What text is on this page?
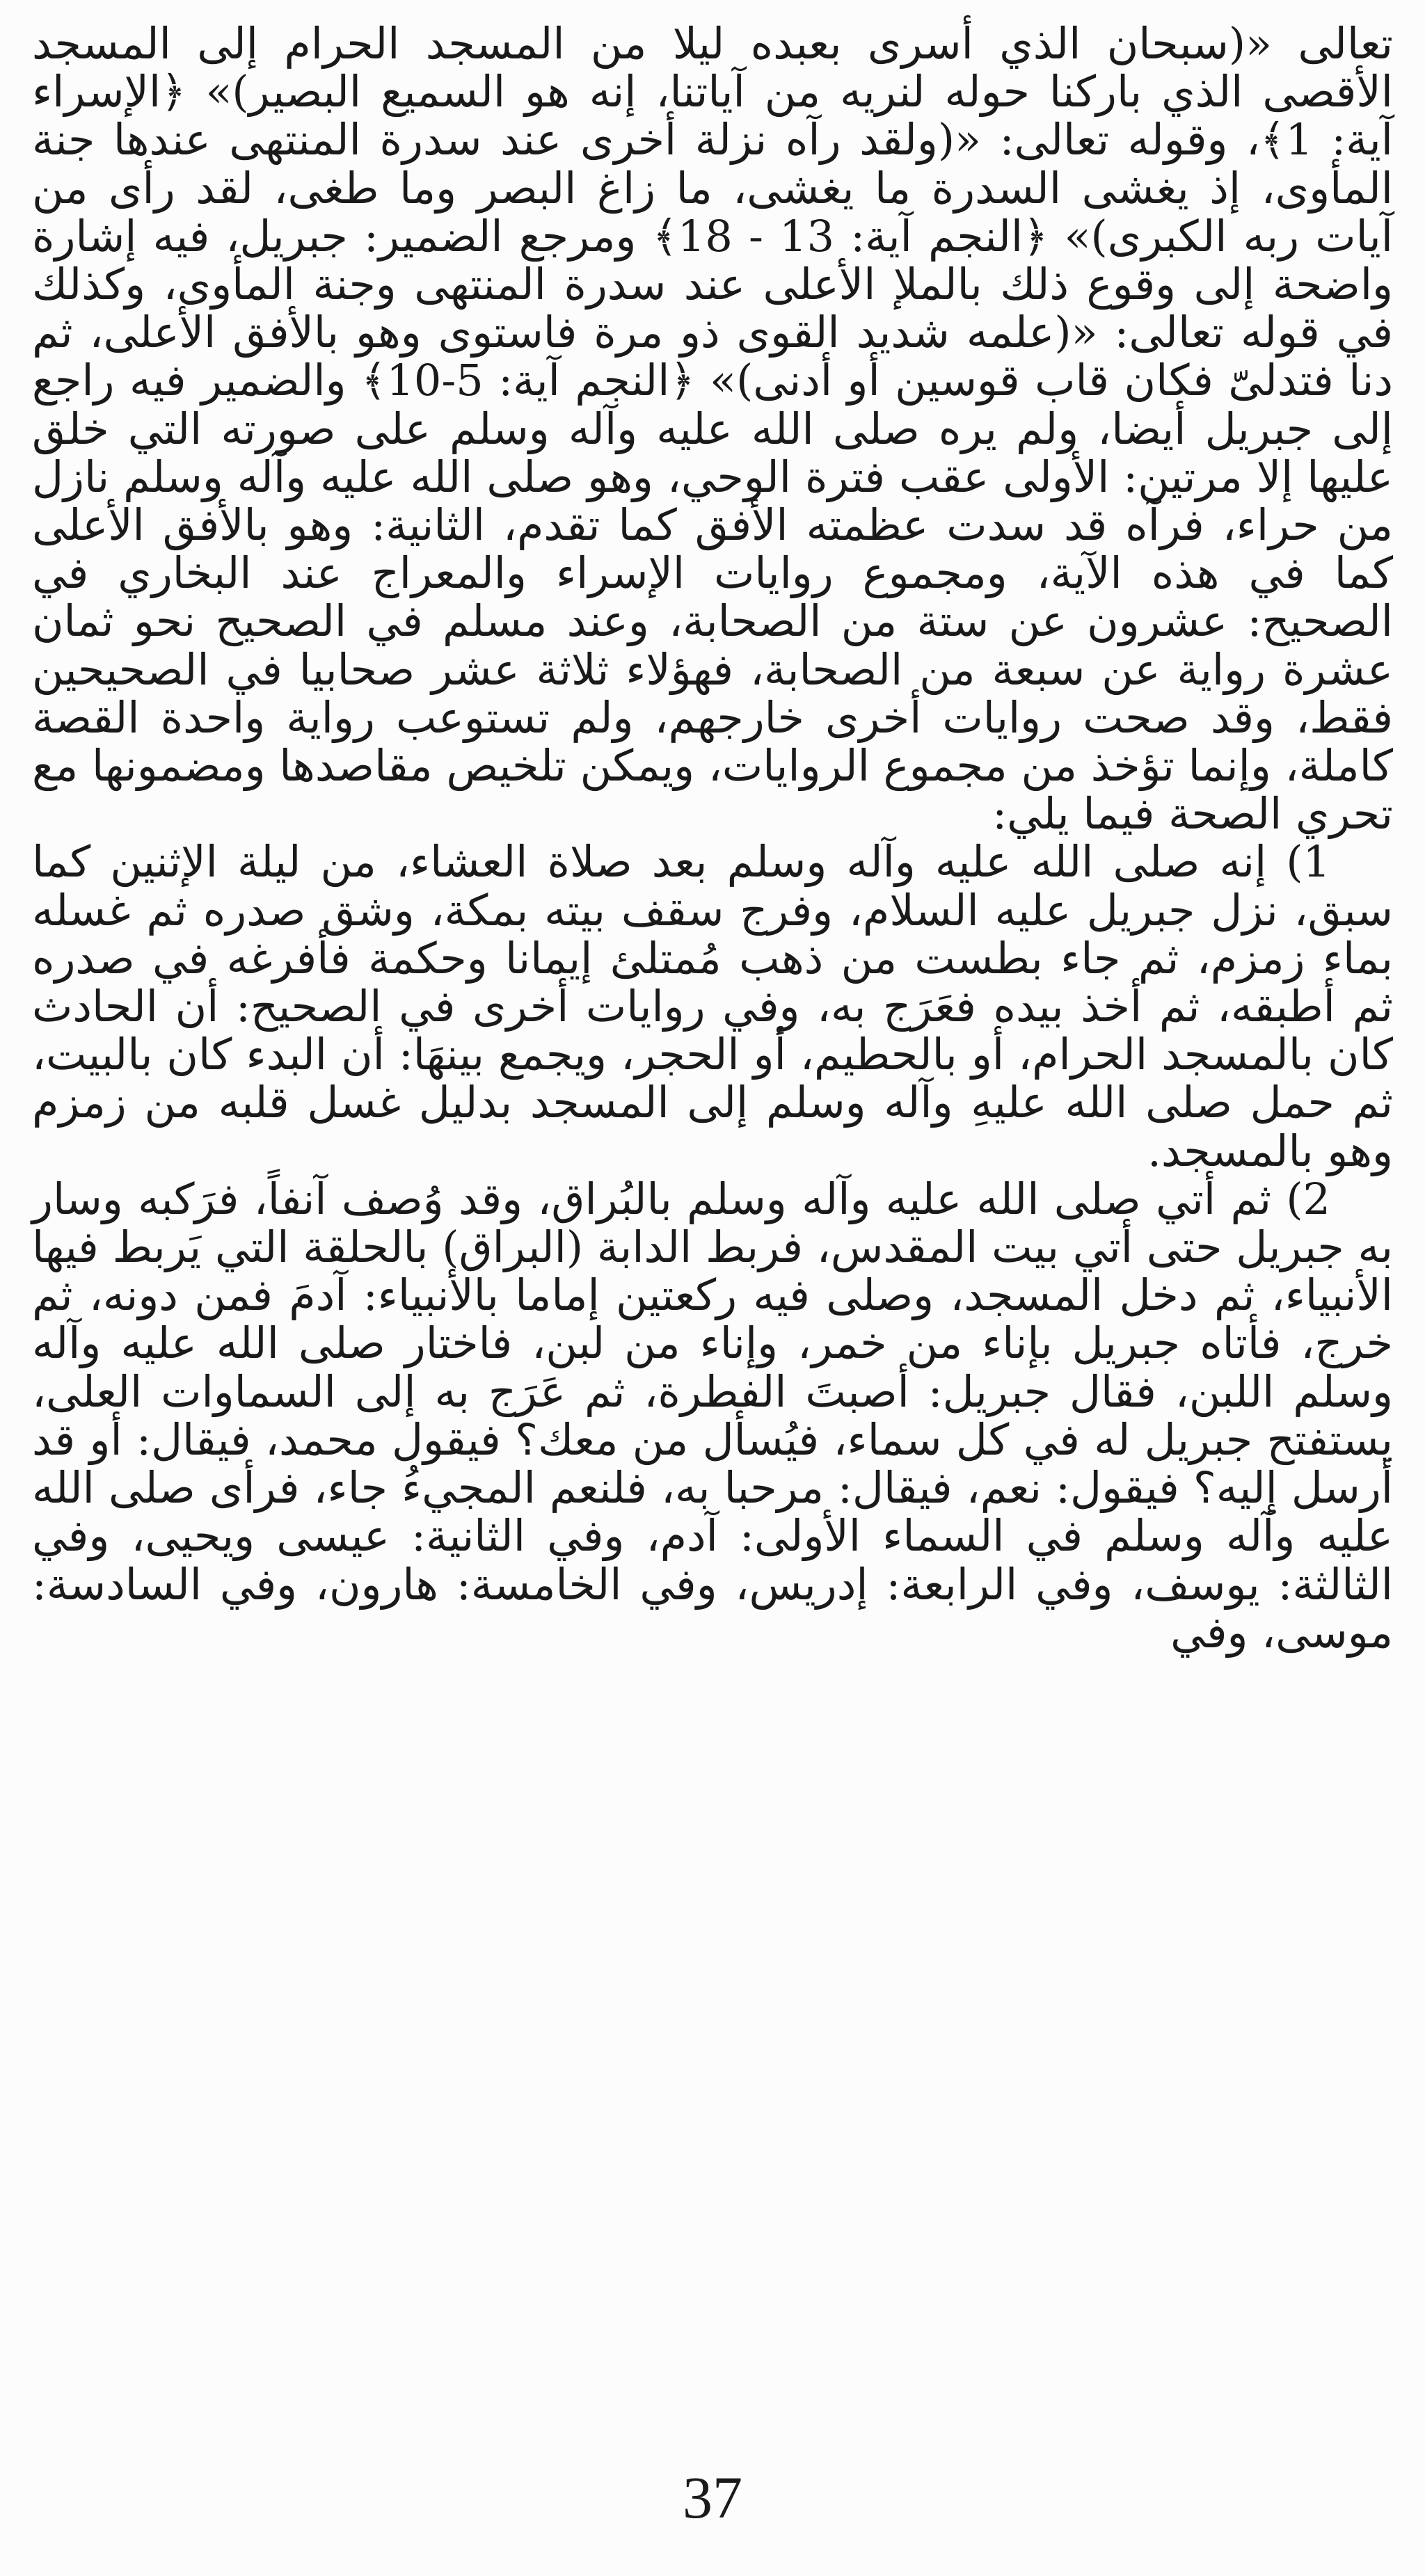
تعالى «(سبحان الذي أسرى بعبده ليلا من المسجد الحرام إلى المسجد الأقصى الذي باركنا حوله لنريه من آياتنا، إنه هو السميع البصير)» ﴿الإسراء آية: 1﴾، وقوله تعالى: «(ولقد رآه نزلة أخرى عند سدرة المنتهى عندها جنة المأوى، إذ يغشى السدرة ما يغشى، ما زاغ البصر وما طغى، لقد رأى من آيات ربه الكبرى)» ﴿النجم آية: 13 - 18﴾ ومرجع الضمير: جبريل، فيه إشارة واضحة إلى وقوع ذلك بالملإ الأعلى عند سدرة المنتهى وجنة المأوى، وكذلك في قوله تعالى: «(علمه شديد القوى ذو مرة فاستوى وهو بالأفق الأعلى، ثم دنا فتدلىّ فكان قاب قوسين أو أدنى)» ﴿النجم آية: 5-10﴾ والضمير فيه راجع إلى جبريل أيضا، ولم يره صلى الله عليه وآله وسلم على صورته التي خلق عليها إلا مرتين: الأولى عقب فترة الوحي، وهو صلى الله عليه وآله وسلم نازل من حراء، فرآه قد سدت عظمته الأفق كما تقدم، الثانية: وهو بالأفق الأعلى كما في هذه الآية، ومجموع روايات الإسراء والمعراج عند البخاري في الصحيح: عشرون عن ستة من الصحابة، وعند مسلم في الصحيح نحو ثمان عشرة رواية عن سبعة من الصحابة، فهؤلاء ثلاثة عشر صحابيا في الصحيحين فقط، وقد صحت روايات أخرى خارجهم، ولم تستوعب رواية واحدة القصة كاملة، وإنما تؤخذ من مجموع الروايات، ويمكن تلخيص مقاصدها ومضمونها مع تحري الصحة فيما يلي:

1) إنه صلى الله عليه وآله وسلم بعد صلاة العشاء، من ليلة الإثنين كما سبق، نزل جبريل عليه السلام، وفرج سقف بيته بمكة، وشق صدره ثم غسله بماء زمزم، ثم جاء بطست من ذهب مُمتلئ إيمانا وحكمة فأفرغه في صدره ثم أطبقه، ثم أخذ بيده فعَرَج به، وفي روايات أخرى في الصحيح: أن الحادث كان بالمسجد الحرام، أو بالحطيم، أو الحجر، ويجمع بينهَا: أن البدء كان بالبيت، ثم حمل صلى الله عليهِ وآله وسلم إلى المسجد بدليل غسل قلبه من زمزم وهو بالمسجد.

2) ثم أتي صلى الله عليه وآله وسلم بالبُراق، وقد وُصف آنفاً، فرَكبه وسار به جبريل حتى أتي بيت المقدس، فربط الدابة (البراق) بالحلقة التي يَربط فيها الأنبياء، ثم دخل المسجد، وصلى فيه ركعتين إماما بالأنبياء: آدمَ فمن دونه، ثم خرج، فأتاه جبريل بإناء من خمر، وإناء من لبن، فاختار صلى الله عليه وآله وسلم اللبن، فقال جبريل: أصبتَ الفطرة، ثم عَرَج به إلى السماوات العلى، يستفتح جبريل له في كل سماء، فيُسأل من معك؟ فيقول محمد، فيقال: أو قد أرسل إليه؟ فيقول: نعم، فيقال: مرحبا به، فلنعم المجيءُ جاء، فرأى صلى الله عليه وآله وسلم في السماء الأولى: آدم، وفي الثانية: عيسى ويحيى، وفي الثالثة: يوسف، وفي الرابعة: إدريس، وفي الخامسة: هارون، وفي السادسة: موسى، وفي

37
